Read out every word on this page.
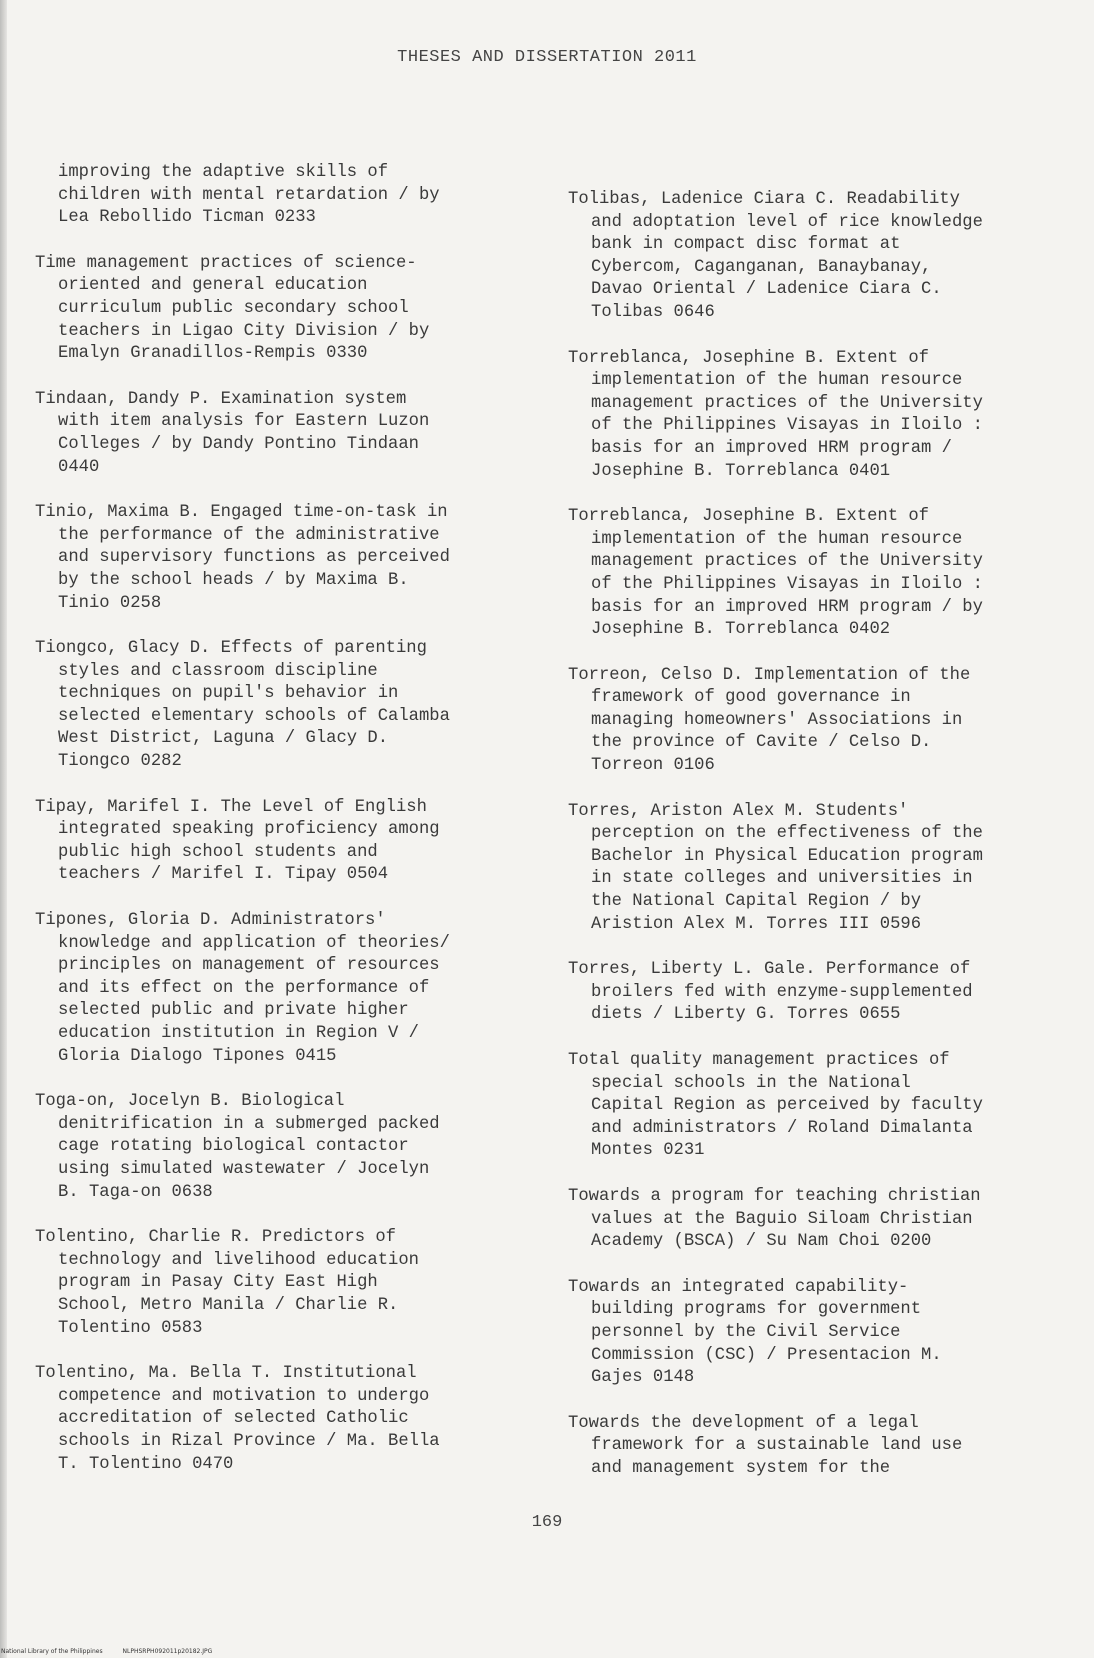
THESES AND DISSERTATION 2011
improving the adaptive skills of
children with mental retardation / by
Lea Rebollido Ticman 0233
Time management practices of science-
oriented and general education
curriculum public secondary school
teachers in Ligao City Division / by
Emalyn Granadillos-Rempis 0330
Tindaan, Dandy P. Examination system
with item analysis for Eastern Luzon
Colleges / by Dandy Pontino Tindaan
0440
Tinio, Maxima B. Engaged time-on-task in
the performance of the administrative
and supervisory functions as perceived
by the school heads / by Maxima B.
Tinio 0258
Tiongco, Glacy D. Effects of parenting
styles and classroom discipline
techniques on pupil's behavior in
selected elementary schools of Calamba
West District, Laguna / Glacy D.
Tiongco 0282
Tipay, Marifel I. The Level of English
integrated speaking proficiency among
public high school students and
teachers / Marifel I. Tipay 0504
Tipones, Gloria D. Administrators'
knowledge and application of theories/
principles on management of resources
and its effect on the performance of
selected public and private higher
education institution in Region V /
Gloria Dialogo Tipones 0415
Toga-on, Jocelyn B. Biological
denitrification in a submerged packed
cage rotating biological contactor
using simulated wastewater / Jocelyn
B. Taga-on 0638
Tolentino, Charlie R. Predictors of
technology and livelihood education
program in Pasay City East High
School, Metro Manila / Charlie R.
Tolentino 0583
Tolentino, Ma. Bella T. Institutional
competence and motivation to undergo
accreditation of selected Catholic
schools in Rizal Province / Ma. Bella
T. Tolentino 0470
Tolibas, Ladenice Ciara C. Readability
and adoptation level of rice knowledge
bank in compact disc format at
Cybercom, Caganganan, Banaybanay,
Davao Oriental / Ladenice Ciara C.
Tolibas 0646
Torreblanca, Josephine B. Extent of
implementation of the human resource
management practices of the University
of the Philippines Visayas in Iloilo :
basis for an improved HRM program /
Josephine B. Torreblanca 0401
Torreblanca, Josephine B. Extent of
implementation of the human resource
management practices of the University
of the Philippines Visayas in Iloilo :
basis for an improved HRM program / by
Josephine B. Torreblanca 0402
Torreon, Celso D. Implementation of the
framework of good governance in
managing homeowners' Associations in
the province of Cavite / Celso D.
Torreon 0106
Torres, Ariston Alex M. Students'
perception on the effectiveness of the
Bachelor in Physical Education program
in state colleges and universities in
the National Capital Region / by
Aristion Alex M. Torres III 0596
Torres, Liberty L. Gale. Performance of
broilers fed with enzyme-supplemented
diets / Liberty G. Torres 0655
Total quality management practices of
special schools in the National
Capital Region as perceived by faculty
and administrators / Roland Dimalanta
Montes 0231
Towards a program for teaching christian
values at the Baguio Siloam Christian
Academy (BSCA) / Su Nam Choi 0200
Towards an integrated capability-
building programs for government
personnel by the Civil Service
Commission (CSC) / Presentacion M.
Gajes 0148
Towards the development of a legal
framework for a sustainable land use
and management system for the
169
National Library of the Philippines	NLPHSRPH092011p20182.JPG
